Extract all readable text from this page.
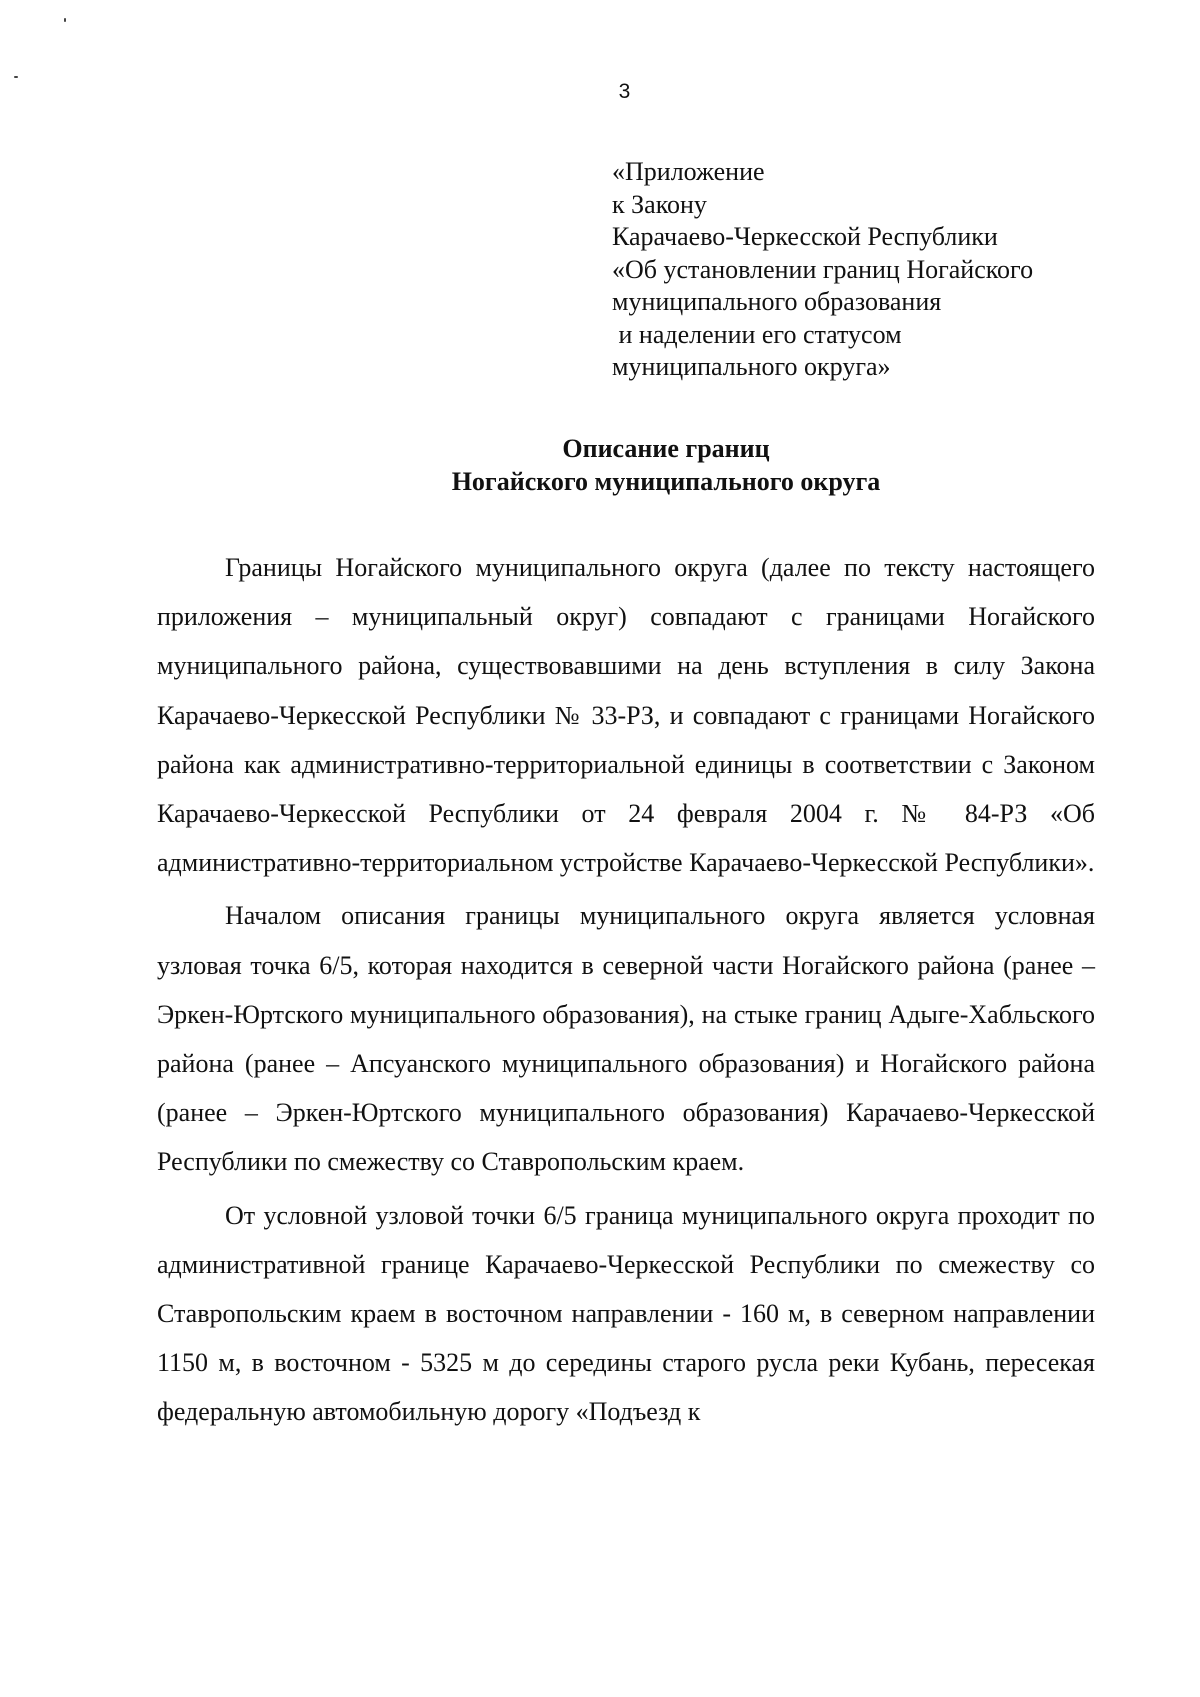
3
«Приложение
к Закону
Карачаево-Черкесской Республики
«Об установлении границ Ногайского
муниципального образования
и наделении его статусом
муниципального округа»
Описание границ
Ногайского муниципального округа

Границы Ногайского муниципального округа (далее по тексту настоящего приложения – муниципальный округ) совпадают с границами Ногайского муниципального района, существовавшими на день вступления в силу Закона Карачаево-Черкесской Республики № 33-РЗ, и совпадают с границами Ногайского района как административно-территориальной единицы в соответствии с Законом Карачаево-Черкесской Республики от 24 февраля 2004 г. № 84-РЗ «Об административно-территориальном устройстве Карачаево-Черкесской Республики».

Началом описания границы муниципального округа является условная узловая точка 6/5, которая находится в северной части Ногайского района (ранее – Эркен-Юртского муниципального образования), на стыке границ Адыге-Хабльского района (ранее – Апсуанского муниципального образования) и Ногайского района (ранее – Эркен-Юртского муниципального образования) Карачаево-Черкесской Республики по смежеству со Ставропольским краем.

От условной узловой точки 6/5 граница муниципального округа проходит по административной границе Карачаево-Черкесской Республики по смежеству со Ставропольским краем в восточном направлении - 160 м, в северном направлении 1150 м, в восточном - 5325 м до середины старого русла реки Кубань, пересекая федеральную автомобильную дорогу «Подъезд к
